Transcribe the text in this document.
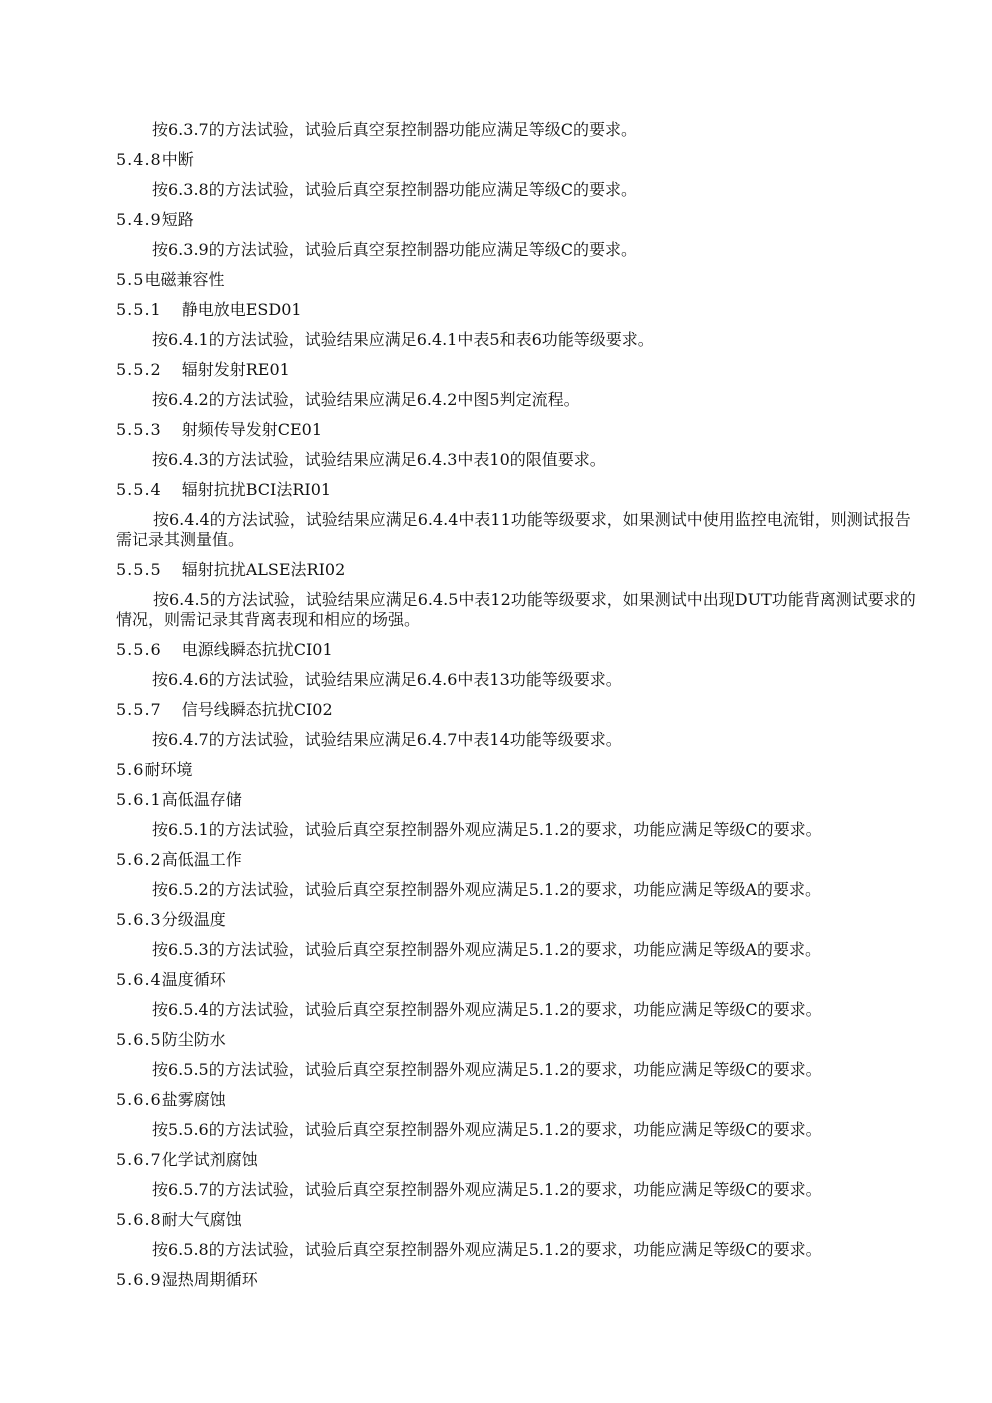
按6.3.7的方法试验，试验后真空泵控制器功能应满足等级C的要求。
5.4.8中断
按6.3.8的方法试验，试验后真空泵控制器功能应满足等级C的要求。
5.4.9短路
按6.3.9的方法试验，试验后真空泵控制器功能应满足等级C的要求。
5.5电磁兼容性
5.5.1 静电放电ESD01
按6.4.1的方法试验，试验结果应满足6.4.1中表5和表6功能等级要求。
5.5.2 辐射发射RE01
按6.4.2的方法试验，试验结果应满足6.4.2中图5判定流程。
5.5.3 射频传导发射CE01
按6.4.3的方法试验，试验结果应满足6.4.3中表10的限值要求。
5.5.4 辐射抗扰BCI法RI01
按6.4.4的方法试验，试验结果应满足6.4.4中表11功能等级要求，如果测试中使用监控电流钳，则测试报告需记录其测量值。
5.5.5 辐射抗扰ALSE法RI02
按6.4.5的方法试验，试验结果应满足6.4.5中表12功能等级要求，如果测试中出现DUT功能背离测试要求的情况，则需记录其背离表现和相应的场强。
5.5.6 电源线瞬态抗扰CI01
按6.4.6的方法试验，试验结果应满足6.4.6中表13功能等级要求。
5.5.7 信号线瞬态抗扰CI02
按6.4.7的方法试验，试验结果应满足6.4.7中表14功能等级要求。
5.6耐环境
5.6.1高低温存储
按6.5.1的方法试验，试验后真空泵控制器外观应满足5.1.2的要求，功能应满足等级C的要求。
5.6.2高低温工作
按6.5.2的方法试验，试验后真空泵控制器外观应满足5.1.2的要求，功能应满足等级A的要求。
5.6.3分级温度
按6.5.3的方法试验，试验后真空泵控制器外观应满足5.1.2的要求，功能应满足等级A的要求。
5.6.4温度循环
按6.5.4的方法试验，试验后真空泵控制器外观应满足5.1.2的要求，功能应满足等级C的要求。
5.6.5防尘防水
按6.5.5的方法试验，试验后真空泵控制器外观应满足5.1.2的要求，功能应满足等级C的要求。
5.6.6盐雾腐蚀
按5.5.6的方法试验，试验后真空泵控制器外观应满足5.1.2的要求，功能应满足等级C的要求。
5.6.7化学试剂腐蚀
按6.5.7的方法试验，试验后真空泵控制器外观应满足5.1.2的要求，功能应满足等级C的要求。
5.6.8耐大气腐蚀
按6.5.8的方法试验，试验后真空泵控制器外观应满足5.1.2的要求，功能应满足等级C的要求。
5.6.9湿热周期循环
